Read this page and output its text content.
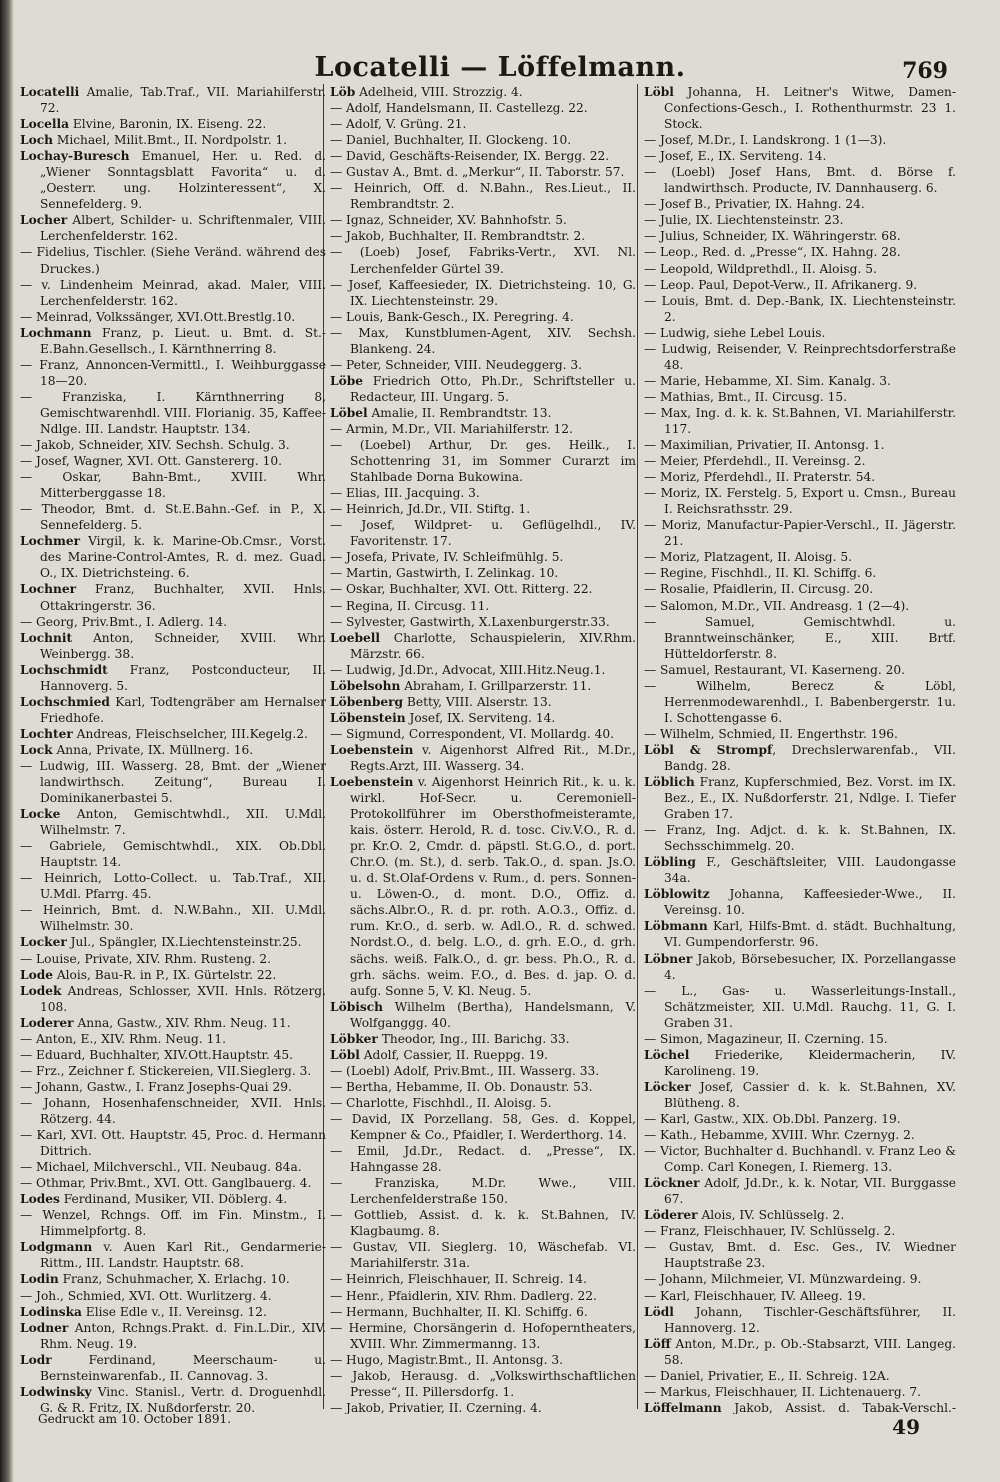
Locatelli — Löffelmann.	769

Locatelli Amalie, Tab.Traf., VII. Mariahilferstr. 72.

Locella Elvine, Baronin, IX. Eiseng. 22.

Loch Michael, Milit.Bmt., II. Nordpolstr. 1.

Lochay-Buresch Emanuel, Her. u. Red. d. „Wiener Sonntagsblatt Favorita“ u. d. „Oesterr. ung. Holzinteressent“, X. Sennefelderg. 9.

Locher Albert, Schilder- u. Schriftenmaler, VIII. Lerchenfelderstr. 162.

— Fidelius, Tischler. (Siehe Veränd. während des Druckes.)

— v. Lindenheim Meinrad, akad. Maler, VIII. Lerchenfelderstr. 162.

— Meinrad, Volkssänger, XVI.Ott.Brestlg.10.

Lochmann Franz, p. Lieut. u. Bmt. d. St.-E.Bahn.Gesellsch., I. Kärnthnerring 8.

— Franz, Annoncen-Vermittl., I. Weihburggasse 18—20.

— Franziska, I. Kärnthnerring 8, Gemischtwarenhdl. VIII. Florianig. 35, Kaffee-Ndlge. III. Landstr. Hauptstr. 134.

— Jakob, Schneider, XIV. Sechsh. Schulg. 3.

— Josef, Wagner, XVI. Ott. Ganstererg. 10.

— Oskar, Bahn-Bmt., XVIII. Whr. Mitterberggasse 18.

— Theodor, Bmt. d. St.E.Bahn.-Gef. in P., X. Sennefelderg. 5.

Lochmer Virgil, k. k. Marine-Ob.Cmsr., Vorst. des Marine-Control-Amtes, R. d. mez. Guad. O., IX. Dietrichsteing. 6.

Lochner Franz, Buchhalter, XVII. Hnls. Ottakringerstr. 36.

— Georg, Priv.Bmt., I. Adlerg. 14.

Lochnit Anton, Schneider, XVIII. Whr. Weinbergg. 38.

Lochschmidt Franz, Postconducteur, II. Hannoverg. 5.

Lochschmied Karl, Todtengräber am Hernalser Friedhofe.

Lochter Andreas, Fleischselcher, III.Kegelg.2.

Lock Anna, Private, IX. Müllnerg. 16.

— Ludwig, III. Wasserg. 28, Bmt. der „Wiener landwirthsch. Zeitung“, Bureau I. Dominikanerbastei 5.

Locke Anton, Gemischtwhdl., XII. U.Mdl. Wilhelmstr. 7.

— Gabriele, Gemischtwhdl., XIX. Ob.Dbl. Hauptstr. 14.

— Heinrich, Lotto-Collect. u. Tab.Traf., XII. U.Mdl. Pfarrg. 45.

— Heinrich, Bmt. d. N.W.Bahn., XII. U.Mdl. Wilhelmstr. 30.

Locker Jul., Spängler, IX.Liechtensteinstr.25.

— Louise, Private, XIV. Rhm. Rusteng. 2.

Lode Alois, Bau-R. in P., IX. Gürtelstr. 22.

Lodek Andreas, Schlosser, XVII. Hnls. Rötzerg. 108.

Loderer Anna, Gastw., XIV. Rhm. Neug. 11.

— Anton, E., XIV. Rhm. Neug. 11.

— Eduard, Buchhalter, XIV.Ott.Hauptstr. 45.

— Frz., Zeichner f. Stickereien, VII.Sieglerg. 3.

— Johann, Gastw., I. Franz Josephs-Quai 29.

— Johann, Hosenhafenschneider, XVII. Hnls. Rötzerg. 44.

— Karl, XVI. Ott. Hauptstr. 45, Proc. d. Hermann Dittrich.

— Michael, Milchverschl., VII. Neubaug. 84a.

— Othmar, Priv.Bmt., XVI. Ott. Ganglbauerg. 4.

Lodes Ferdinand, Musiker, VII. Döblerg. 4.

— Wenzel, Rchngs. Off. im Fin. Minstm., I. Himmelpfortg. 8.

Lodgmann v. Auen Karl Rit., Gendarmerie-Rittm., III. Landstr. Hauptstr. 68.

Lodin Franz, Schuhmacher, X. Erlachg. 10.

— Joh., Schmied, XVI. Ott. Wurlitzerg. 4.

Lodinska Elise Edle v., II. Vereinsg. 12.

Lodner Anton, Rchngs.Prakt. d. Fin.L.Dir., XIV. Rhm. Neug. 19.

Lodr Ferdinand, Meerschaum- u. Bernsteinwarenfab., II. Cannovag. 3.

Lodwinsky Vinc. Stanisl., Vertr. d. Droguenhdl. G. & R. Fritz, IX. Nußdorferstr. 20.

Löb Adelheid, VIII. Strozzig. 4.

— Adolf, Handelsmann, II. Castellezg. 22.

— Adolf, V. Grüng. 21.

— Daniel, Buchhalter, II. Glockeng. 10.

— David, Geschäfts-Reisender, IX. Bergg. 22.

— Gustav A., Bmt. d. „Merkur“, II. Taborstr. 57.

— Heinrich, Off. d. N.Bahn., Res.Lieut., II. Rembrandtstr. 2.

— Ignaz, Schneider, XV. Bahnhofstr. 5.

— Jakob, Buchhalter, II. Rembrandtstr. 2.

— (Loeb) Josef, Fabriks-Vertr., XVI. Nl. Lerchenfelder Gürtel 39.

— Josef, Kaffeesieder, IX. Dietrichsteing. 10, G. IX. Liechtensteinstr. 29.

— Louis, Bank-Gesch., IX. Peregring. 4.

— Max, Kunstblumen-Agent, XIV. Sechsh. Blankeng. 24.

— Peter, Schneider, VIII. Neudeggerg. 3.

Löbe Friedrich Otto, Ph.Dr., Schriftsteller u. Redacteur, III. Ungarg. 5.

Löbel Amalie, II. Rembrandtstr. 13.

— Armin, M.Dr., VII. Mariahilferstr. 12.

— (Loebel) Arthur, Dr. ges. Heilk., I. Schottenring 31, im Sommer Curarzt im Stahlbade Dorna Bukowina.

— Elias, III. Jacquing. 3.

— Heinrich, Jd.Dr., VII. Stiftg. 1.

— Josef, Wildpret- u. Geflügelhdl., IV. Favoritenstr. 17.

— Josefa, Private, IV. Schleifmühlg. 5.

— Martin, Gastwirth, I. Zelinkag. 10.

— Oskar, Buchhalter, XVI. Ott. Ritterg. 22.

— Regina, II. Circusg. 11.

— Sylvester, Gastwirth, X.Laxenburgerstr.33.

Loebell Charlotte, Schauspielerin, XIV.Rhm. Märzstr. 66.

— Ludwig, Jd.Dr., Advocat, XIII.Hitz.Neug.1.

Löbelsohn Abraham, I. Grillparzerstr. 11.

Löbenberg Betty, VIII. Alserstr. 13.

Löbenstein Josef, IX. Serviteng. 14.

— Sigmund, Correspondent, VI. Mollardg. 40.

Loebenstein v. Aigenhorst Alfred Rit., M.Dr., Regts.Arzt, III. Wasserg. 34.

Loebenstein v. Aigenhorst Heinrich Rit., k. u. k. wirkl. Hof-Secr. u. Ceremoniell-Protokollführer im Obersthofmeisteramte, kais. österr. Herold, R. d. tosc. Civ.V.O., R. d. pr. Kr.O. 2, Cmdr. d. päpstl. St.G.O., d. port. Chr.O. (m. St.), d. serb. Tak.O., d. span. Js.O. u. d. St.Olaf-Ordens v. Rum., d. pers. Sonnen- u. Löwen-O., d. mont. D.O., Offiz. d. sächs.Albr.O., R. d. pr. roth. A.O.3., Offiz. d. rum. Kr.O., d. serb. w. Adl.O., R. d. schwed. Nordst.O., d. belg. L.O., d. grh. E.O., d. grh. sächs. weiß. Falk.O., d. gr. bess. Ph.O., R. d. grh. sächs. weim. F.O., d. Bes. d. jap. O. d. aufg. Sonne 5, V. Kl. Neug. 5.

Löbisch Wilhelm (Bertha), Handelsmann, V. Wolfganggg. 40.

Löbker Theodor, Ing., III. Barichg. 33.

Löbl Adolf, Cassier, II. Rueppg. 19.

— (Loebl) Adolf, Priv.Bmt., III. Wasserg. 33.

— Bertha, Hebamme, II. Ob. Donaustr. 53.

— Charlotte, Fischhdl., II. Aloisg. 5.

— David, IX Porzellang. 58, Ges. d. Koppel, Kempner & Co., Pfaidler, I. Werderthorg. 14.

— Emil, Jd.Dr., Redact. d. „Presse“, IX. Hahngasse 28.

— Franziska, M.Dr. Wwe., VIII. Lerchenfelderstraße 150.

— Gottlieb, Assist. d. k. k. St.Bahnen, IV. Klagbaumg. 8.

— Gustav, VII. Sieglerg. 10, Wäschefab. VI. Mariahilferstr. 31a.

— Heinrich, Fleischhauer, II. Schreig. 14.

— Henr., Pfaidlerin, XIV. Rhm. Dadlerg. 22.

— Hermann, Buchhalter, II. Kl. Schiffg. 6.

— Hermine, Chorsängerin d. Hofoperntheaters, XVIII. Whr. Zimmermanng. 13.

— Hugo, Magistr.Bmt., II. Antonsg. 3.

— Jakob, Herausg. d. „Volkswirthschaftlichen Presse“, II. Pillersdorfg. 1.

— Jakob, Privatier, II. Czerning. 4.

Löbl Johanna, H. Leitner's Witwe, Damen-Confections-Gesch., I. Rothenthurmstr. 23 1. Stock.

— Josef, M.Dr., I. Landskrong. 1 (1—3).

— Josef, E., IX. Serviteng. 14.

— (Loebl) Josef Hans, Bmt. d. Börse f. landwirthsch. Producte, IV. Dannhauserg. 6.

— Josef B., Privatier, IX. Hahng. 24.

— Julie, IX. Liechtensteinstr. 23.

— Julius, Schneider, IX. Währingerstr. 68.

— Leop., Red. d. „Presse“, IX. Hahng. 28.

— Leopold, Wildprethdl., II. Aloisg. 5.

— Leop. Paul, Depot-Verw., II. Afrikanerg. 9.

— Louis, Bmt. d. Dep.-Bank, IX. Liechtensteinstr. 2.

— Ludwig, siehe Lebel Louis.

— Ludwig, Reisender, V. Reinprechtsdorferstraße 48.

— Marie, Hebamme, XI. Sim. Kanalg. 3.

— Mathias, Bmt., II. Circusg. 15.

— Max, Ing. d. k. k. St.Bahnen, VI. Mariahilferstr. 117.

— Maximilian, Privatier, II. Antonsg. 1.

— Meier, Pferdehdl., II. Vereinsg. 2.

— Moriz, Pferdehdl., II. Praterstr. 54.

— Moriz, IX. Ferstelg. 5, Export u. Cmsn., Bureau I. Reichsrathsstr. 29.

— Moriz, Manufactur-Papier-Verschl., II. Jägerstr. 21.

— Moriz, Platzagent, II. Aloisg. 5.

— Regine, Fischhdl., II. Kl. Schiffg. 6.

— Rosalie, Pfaidlerin, II. Circusg. 20.

— Salomon, M.Dr., VII. Andreasg. 1 (2—4).

— Samuel, Gemischtwhdl. u. Branntweinschänker, E., XIII. Brtf. Hütteldorferstr. 8.

— Samuel, Restaurant, VI. Kaserneng. 20.

— Wilhelm, Berecz & Löbl, Herrenmodewarenhdl., I. Babenbergerstr. 1u. I. Schottengasse 6.

— Wilhelm, Schmied, II. Engerthstr. 196.

Löbl & Strompf, Drechslerwarenfab., VII. Bandg. 28.

Löblich Franz, Kupferschmied, Bez. Vorst. im IX. Bez., E., IX. Nußdorferstr. 21, Ndlge. I. Tiefer Graben 17.

— Franz, Ing. Adjct. d. k. k. St.Bahnen, IX. Sechsschimmelg. 20.

Löbling F., Geschäftsleiter, VIII. Laudongasse 34a.

Löblowitz Johanna, Kaffeesieder-Wwe., II. Vereinsg. 10.

Löbmann Karl, Hilfs-Bmt. d. städt. Buchhaltung, VI. Gumpendorferstr. 96.

Löbner Jakob, Börsebesucher, IX. Porzellangasse 4.

— L., Gas- u. Wasserleitungs-Install., Schätzmeister, XII. U.Mdl. Rauchg. 11, G. I. Graben 31.

— Simon, Magazineur, II. Czerning. 15.

Löchel Friederike, Kleidermacherin, IV. Karolineng. 19.

Löcker Josef, Cassier d. k. k. St.Bahnen, XV. Blütheng. 8.

— Karl, Gastw., XIX. Ob.Dbl. Panzerg. 19.

— Kath., Hebamme, XVIII. Whr. Czernyg. 2.

— Victor, Buchhalter d. Buchhandl. v. Franz Leo & Comp. Carl Konegen, I. Riemerg. 13.

Löckner Adolf, Jd.Dr., k. k. Notar, VII. Burggasse 67.

Löderer Alois, IV. Schlüsselg. 2.

— Franz, Fleischhauer, IV. Schlüsselg. 2.

— Gustav, Bmt. d. Esc. Ges., IV. Wiedner Hauptstraße 23.

— Johann, Milchmeier, VI. Münzwardeing. 9.

— Karl, Fleischhauer, IV. Alleeg. 19.

Lödl Johann, Tischler-Geschäftsführer, II. Hannoverg. 12.

Löff Anton, M.Dr., p. Ob.-Stabsarzt, VIII. Langeg. 58.

— Daniel, Privatier, E., II. Schreig. 12A.

— Markus, Fleischhauer, II. Lichtenauerg. 7.

Löffelmann Jakob, Assist. d. Tabak-Verschl.-

Gedruckt am 10. October 1891.	49
